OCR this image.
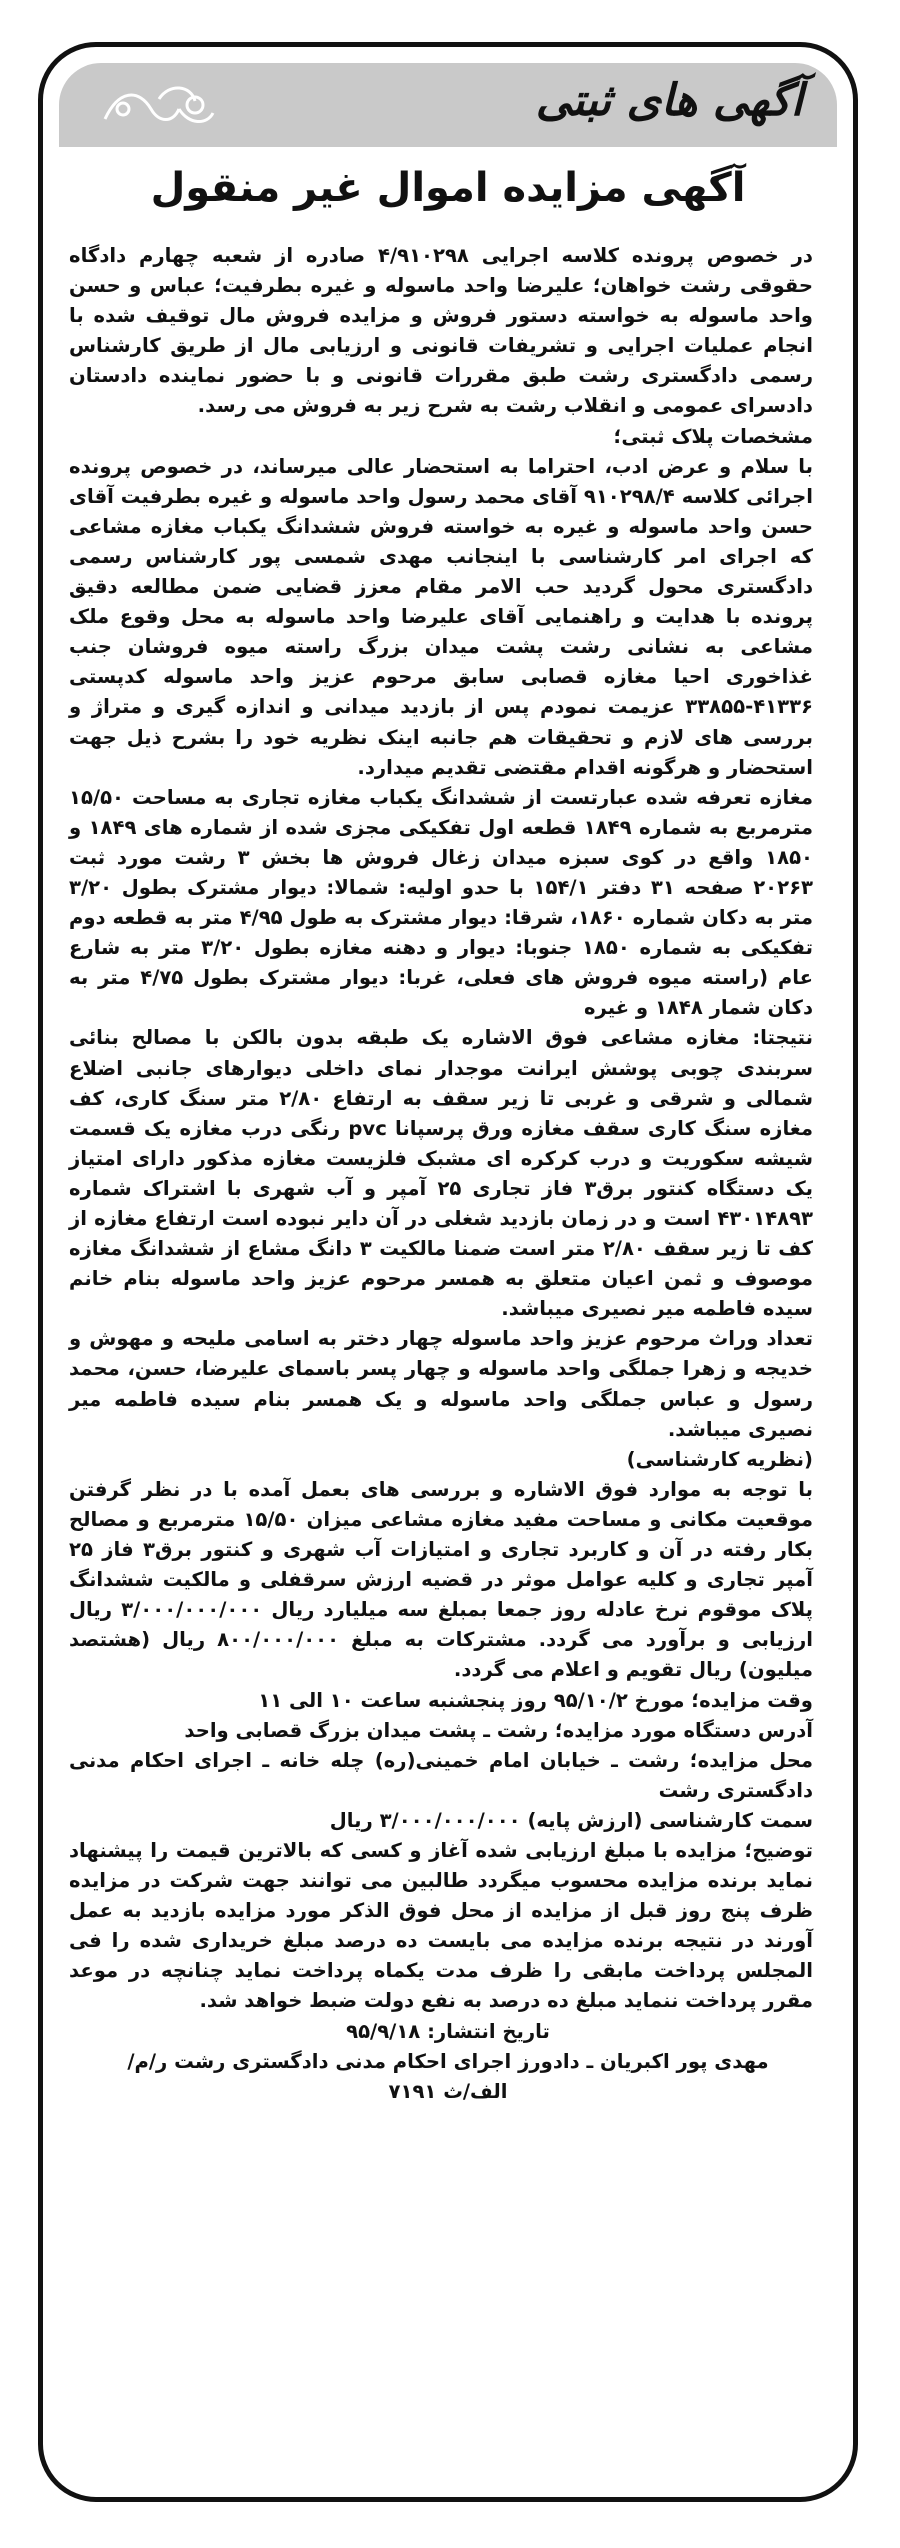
آگهی های ثبتی
آگهی مزایده اموال غیر منقول

در خصوص پرونده کلاسه اجرایی ۴/۹۱۰۲۹۸ صادره از شعبه چهارم دادگاه حقوقی رشت خواهان؛ علیرضا واحد ماسوله و غیره بطرفیت؛ عباس و حسن واحد ماسوله به خواسته دستور فروش و مزایده فروش مال توقیف شده با انجام عملیات اجرایی و تشریفات قانونی و ارزیابی مال از طریق کارشناس رسمی دادگستری رشت طبق مقررات قانونی و با حضور نماینده دادستان دادسرای عمومی و انقلاب رشت به شرح زیر به فروش می رسد.

مشخصات پلاک ثبتی؛

با سلام و عرض ادب، احتراما به استحضار عالی میرساند، در خصوص پرونده اجرائی کلاسه ۹۱۰۲۹۸/۴ آقای محمد رسول واحد ماسوله و غیره بطرفیت آقای حسن واحد ماسوله و غیره به خواسته فروش ششدانگ یکباب مغازه مشاعی که اجرای امر کارشناسی با اینجانب مهدی شمسی پور کارشناس رسمی دادگستری محول گردید حب الامر مقام معزز قضایی ضمن مطالعه دقیق پرونده با هدایت و راهنمایی آقای علیرضا واحد ماسوله به محل وقوع ملک مشاعی به نشانی رشت پشت میدان بزرگ راسته میوه فروشان جنب غذاخوری احیا مغازه قصابی سابق مرحوم عزیز واحد ماسوله کدپستی ۴۱۳۳۶-۳۳۸۵۵ عزیمت نمودم پس از بازدید میدانی و اندازه گیری و متراژ و بررسی های لازم و تحقیقات هم جانبه اینک نظریه خود را بشرح ذیل جهت استحضار و هرگونه اقدام مقتضی تقدیم میدارد.

مغازه تعرفه شده عبارتست از ششدانگ یکباب مغازه تجاری به مساحت ۱۵/۵۰ مترمربع به شماره ۱۸۴۹ قطعه اول تفکیکی مجزی شده از شماره های ۱۸۴۹ و ۱۸۵۰ واقع در کوی سبزه میدان زغال فروش ها بخش ۳ رشت مورد ثبت ۲۰۲۶۳ صفحه ۳۱ دفتر ۱۵۴/۱ با حدو اولیه: شمالا: دیوار مشترک بطول ۳/۲۰ متر به دکان شماره ۱۸۶۰، شرقا: دیوار مشترک به طول ۴/۹۵ متر به قطعه دوم تفکیکی به شماره ۱۸۵۰ جنوبا: دیوار و دهنه مغازه بطول ۳/۲۰ متر به شارع عام (راسته میوه فروش های فعلی، غربا: دیوار مشترک بطول ۴/۷۵ متر به دکان شمار ۱۸۴۸ و غیره

نتیجتا: مغازه مشاعی فوق الاشاره یک طبقه بدون بالکن با مصالح بنائی سربندی چوبی پوشش ایرانت موجدار نمای داخلی دیوارهای جانبی اضلاع شمالی و شرقی و غربی تا زیر سقف به ارتفاع ۲/۸۰ متر سنگ کاری، کف مغازه سنگ کاری سقف مغازه ورق پرسپانا pvc رنگی درب مغازه یک قسمت شیشه سکوریت و درب کرکره ای مشبک فلزیست مغازه مذکور دارای امتیاز یک دستگاه کنتور برق۳ فاز تجاری ۲۵ آمپر و آب شهری با اشتراک شماره ۴۳۰۱۴۸۹۳ است و در زمان بازدید شغلی در آن دایر نبوده است ارتفاع مغازه از کف تا زیر سقف ۲/۸۰ متر است ضمنا مالکیت ۳ دانگ مشاع از ششدانگ مغازه موصوف و ثمن اعیان متعلق به همسر مرحوم عزیز واحد ماسوله بنام خانم سیده فاطمه میر نصیری میباشد.

تعداد وراث مرحوم عزیز واحد ماسوله چهار دختر به اسامی ملیحه و مهوش و خدیجه و زهرا جملگی واحد ماسوله و چهار پسر باسمای علیرضا، حسن، محمد رسول و عباس جملگی واحد ماسوله و یک همسر بنام سیده فاطمه میر نصیری میباشد.

(نظریه کارشناسی)

با توجه به موارد فوق الاشاره و بررسی های بعمل آمده با در نظر گرفتن موقعیت مکانی و مساحت مفید مغازه مشاعی میزان ۱۵/۵۰ مترمربع و مصالح بکار رفته در آن و کاربرد تجاری و امتیازات آب شهری و کنتور برق۳ فاز ۲۵ آمپر تجاری و کلیه عوامل موثر در قضیه ارزش سرقفلی و مالکیت ششدانگ پلاک موقوم نرخ عادله روز جمعا بمبلغ سه میلیارد ریال ۳/۰۰۰/۰۰۰/۰۰۰ ریال ارزیابی و برآورد می گردد. مشترکات به مبلغ ۸۰۰/۰۰۰/۰۰۰ ریال (هشتصد میلیون) ریال تقویم و اعلام می گردد.

وقت مزایده؛ مورخ ۹۵/۱۰/۲ روز پنجشنبه ساعت ۱۰ الی ۱۱

آدرس دستگاه مورد مزایده؛ رشت ـ پشت میدان بزرگ قصابی واحد

محل مزایده؛ رشت ـ خیابان امام خمینی(ره) چله خانه ـ اجرای احکام مدنی دادگستری رشت

سمت کارشناسی (ارزش پایه) ۳/۰۰۰/۰۰۰/۰۰۰ ریال

توضیح؛ مزایده با مبلغ ارزیابی شده آغاز و کسی که بالاترین قیمت را پیشنهاد نماید برنده مزایده محسوب میگردد طالبین می توانند جهت شرکت در مزایده ظرف پنج روز قبل از مزایده از محل فوق الذکر مورد مزایده بازدید به عمل آورند در نتیجه برنده مزایده می بایست ده درصد مبلغ خریداری شده را فی المجلس پرداخت مابقی را ظرف مدت یکماه پرداخت نماید چنانچه در موعد مقرر پرداخت ننماید مبلغ ده درصد به نفع دولت ضبط خواهد شد.

تاریخ انتشار: ۹۵/۹/۱۸

مهدی پور اکبریان ـ دادورز اجرای احکام مدنی دادگستری رشت ر/م/

الف/ث ۷۱۹۱
